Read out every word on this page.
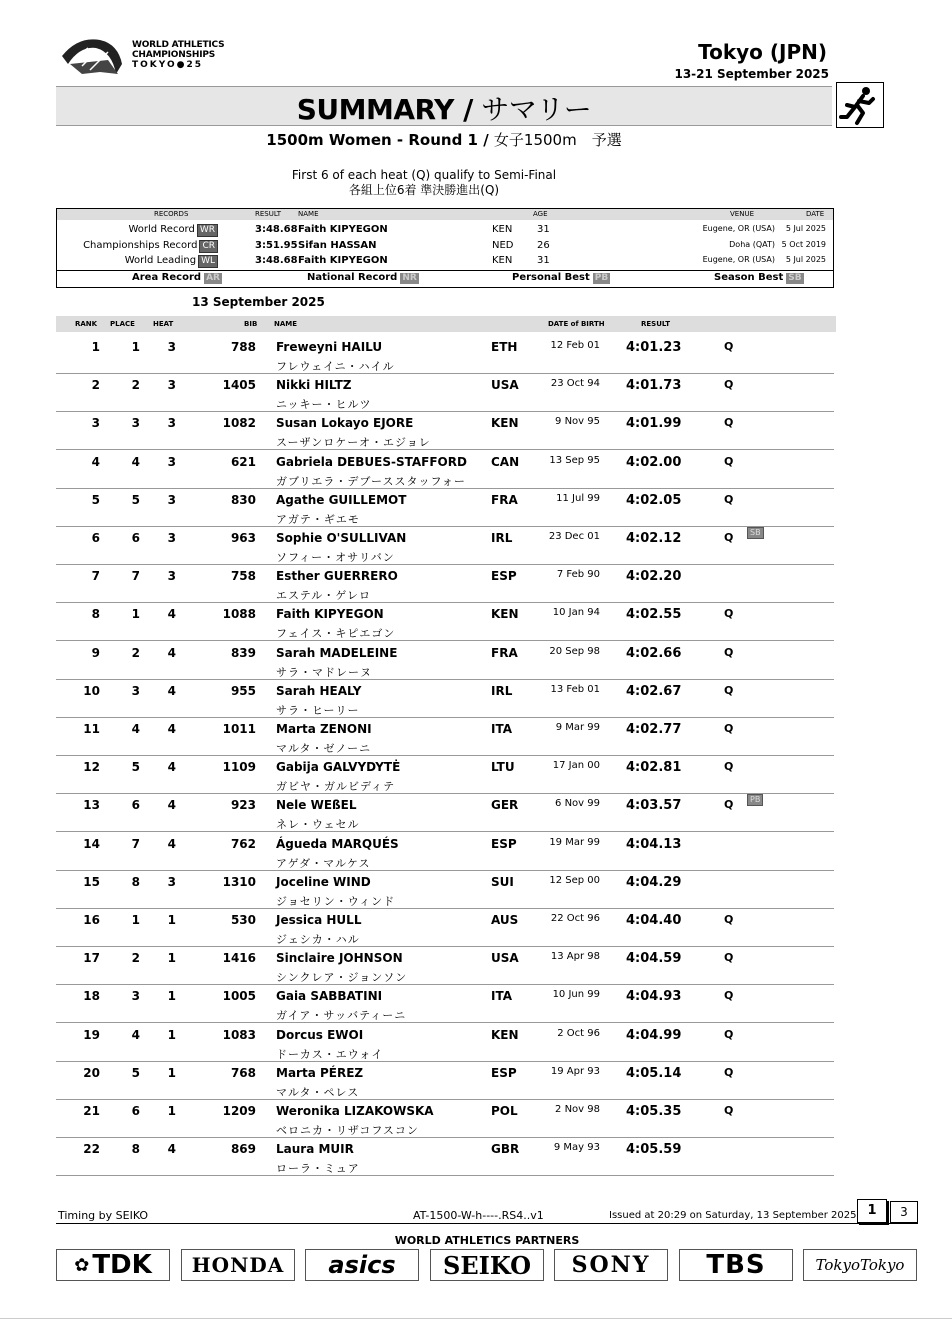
WORLD ATHLETICS
CHAMPIONSHIPS
TOKYO●25
Tokyo (JPN)
13-21 September 2025
SUMMARY / サマリー
1500m Women - Round 1 / 女子1500m　予選
First 6 of each heat (Q) qualify to Semi-Final
各組上位6着 準決勝進出(Q)
RECORDS	RESULT NAME	AGE	VENUE	DATE
World Record WR	3:48.68 Faith KIPYEGON	KEN 31	Eugene, OR (USA) 5 Jul 2025
Championships Record CR	3:51.95 Sifan HASSAN	NED 26	Doha (QAT) 5 Oct 2019
World Leading WL	3:48.68 Faith KIPYEGON	KEN 31	Eugene, OR (USA) 5 Jul 2025
Area Record AR	National Record NR	Personal Best PB	Season Best SB
13 September 2025
RANK PLACE	HEAT	BIB NAME	DATE of BIRTH	RESULT
1	1	3	788 Freweyni HAILU	ETH	12 Feb 01 4:01.23	Q
フレウェイニ・ハイル
2	2	3	1405 Nikki HILTZ	USA	23 Oct 94 4:01.73	Q
ニッキー・ヒルツ
3	3	3	1082 Susan Lokayo EJORE	KEN	9 Nov 95 4:01.99	Q
スーザンロケーオ・エジョレ
4	4	3	621 Gabriela DEBUES-STAFFORD CAN	13 Sep 95 4:02.00	Q
ガブリエラ・デブーススタッフォー
5	5	3	830 Agathe GUILLEMOT	FRA	11 Jul 99 4:02.05	Q
アガテ・ギエモ
6	6	3	963 Sophie O'SULLIVAN	IRL	23 Dec 01 4:02.12	Q
ソフィー・オサリバン
SB
7	7	3	758 Esther GUERRERO	ESP	7 Feb 90 4:02.20
エステル・ゲレロ
8	1	4	1088 Faith KIPYEGON	KEN	10 Jan 94 4:02.55	Q
フェイス・キピエゴン
9	2	4	839 Sarah MADELEINE	FRA	20 Sep 98 4:02.66	Q
サラ・マドレーヌ
10	3	4	955 Sarah HEALY	IRL	13 Feb 01 4:02.67	Q
サラ・ヒーリー
11	4	4	1011 Marta ZENONI	ITA	9 Mar 99 4:02.77	Q
マルタ・ゼノーニ
12	5	4	1109 Gabija GALVYDYTĖ	LTU	17 Jan 00 4:02.81	Q
ガビヤ・ガルビディテ
13	6	4	923 Nele WEßEL	GER	6 Nov 99 4:03.57	Q
ネレ・ウェセル
PB
14	7	4	762 Águeda MARQUÉS	ESP	19 Mar 99 4:04.13
アゲダ・マルケス
15	8	3	1310 Joceline WIND	SUI	12 Sep 00 4:04.29
ジョセリン・ウィンド
16	1	1	530 Jessica HULL	AUS	22 Oct 96 4:04.40	Q
ジェシカ・ハル
17	2	1	1416 Sinclaire JOHNSON	USA	13 Apr 98 4:04.59	Q
シンクレア・ジョンソン
18	3	1	1005 Gaia SABBATINI	ITA	10 Jun 99 4:04.93	Q
ガイア・サッバティーニ
19	4	1	1083 Dorcus EWOI	KEN	2 Oct 96 4:04.99	Q
ドーカス・エウォイ
20	5	1	768 Marta PÉREZ	ESP	19 Apr 93 4:05.14	Q
マルタ・ペレス
21	6	1	1209 Weronika LIZAKOWSKA	POL	2 Nov 98 4:05.35	Q
ベロニカ・リザコフスコン
22	8	4	869 Laura MUIR	GBR	9 May 93 4:05.59
ローラ・ミュア
Timing by SEIKO	AT-1500-W-h----.RS4..v1	Issued at 20:29 on Saturday, 13 September 2025 1	3
WORLD ATHLETICS PARTNERS
✿ TDK	HONDA	asics	SEIKO	SONY	TBS	TokyoTokyo
